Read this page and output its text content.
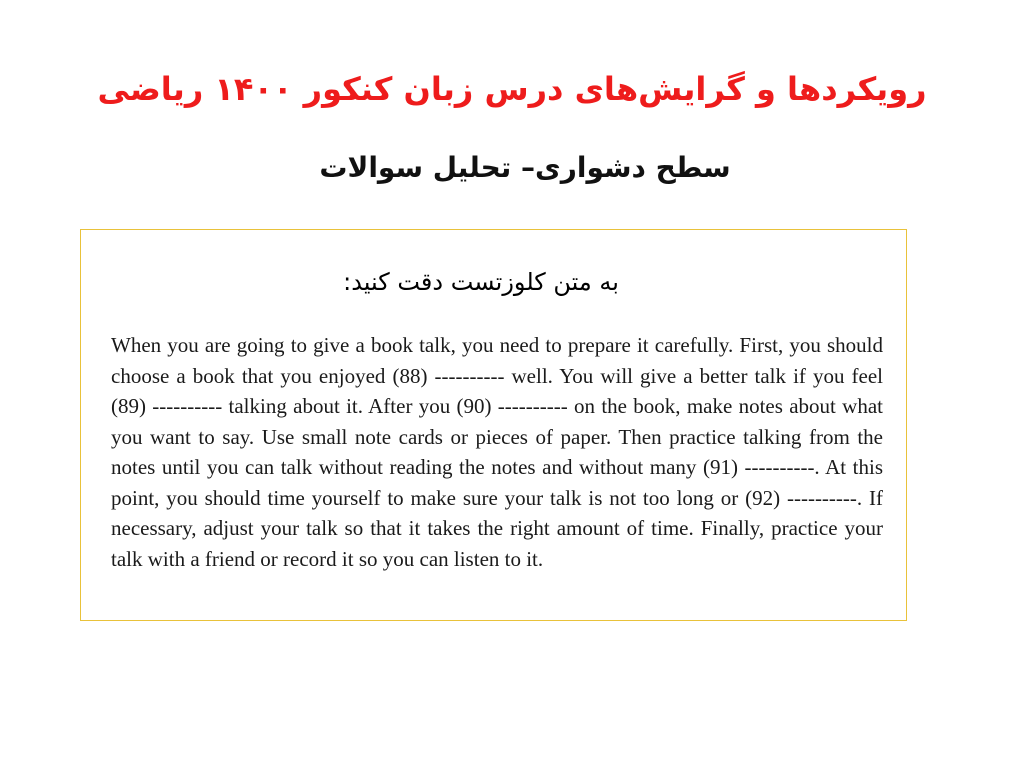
رویکردها و گرایش‌های درس زبان کنکور ۱۴۰۰ ریاضی
سطح دشواری– تحلیل سوالات

به متن کلوزتست دقت کنید:

When you are going to give a book talk, you need to prepare it carefully. First, you should choose a book that you enjoyed (88) ---------- well. You will give a better talk if you feel (89) ---------- talking about it. After you (90) ---------- on the book, make notes about what you want to say. Use small note cards or pieces of paper. Then practice talking from the notes until you can talk without reading the notes and without many (91) ----------. At this point, you should time yourself to make sure your talk is not too long or (92) ----------. If necessary, adjust your talk so that it takes the right amount of time. Finally, practice your talk with a friend or record it so you can listen to it.
